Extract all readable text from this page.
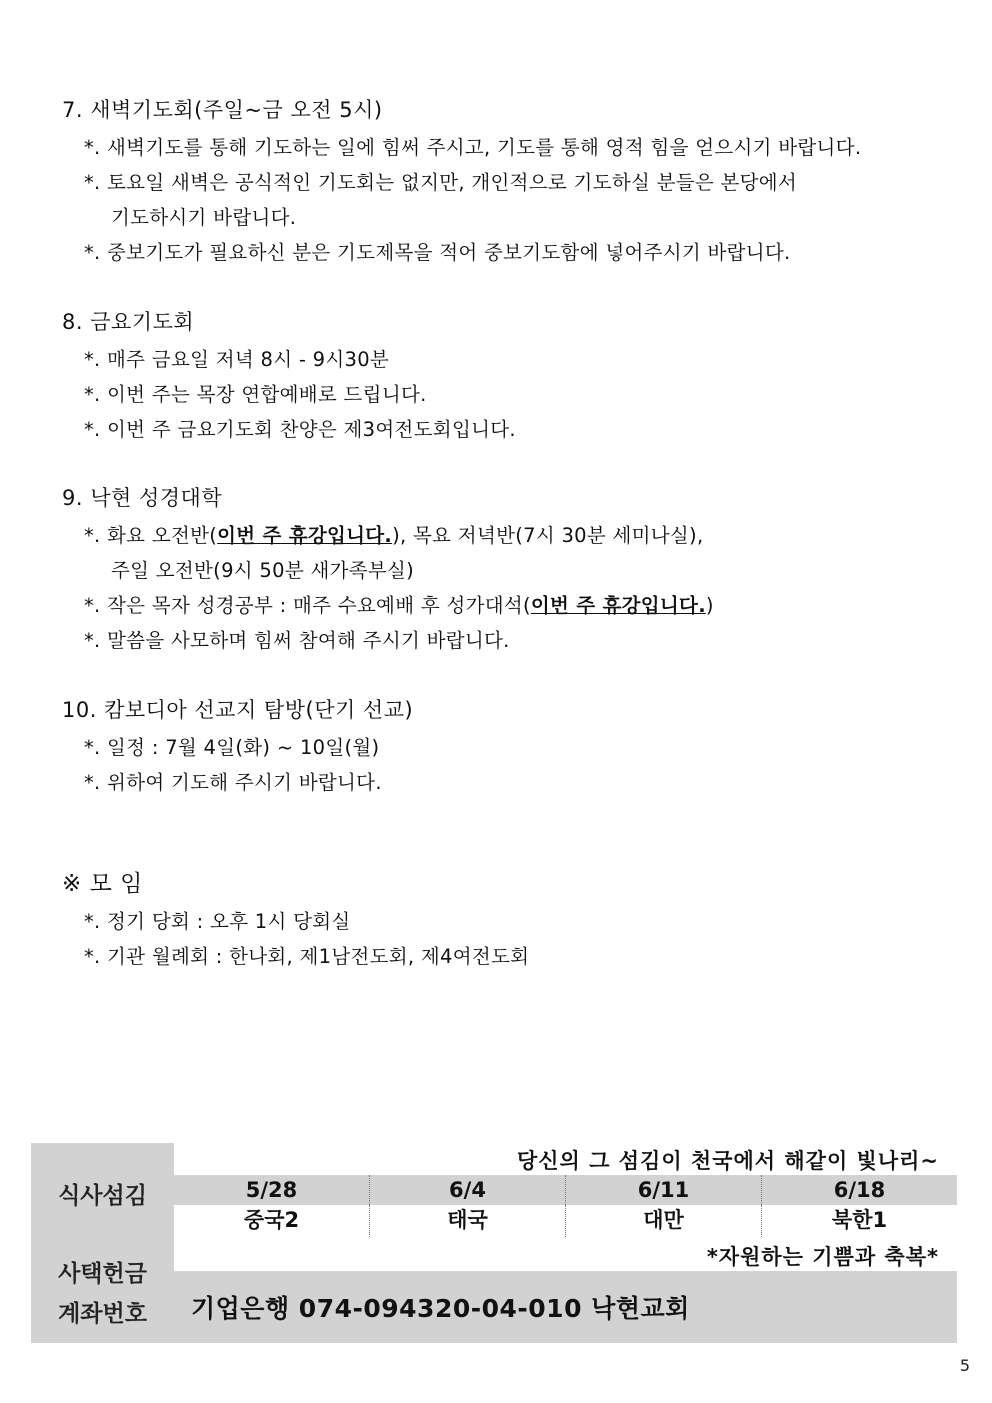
7. 새벽기도회(주일~금 오전 5시)
*. 새벽기도를 통해 기도하는 일에 힘써 주시고, 기도를 통해 영적 힘을 얻으시기 바랍니다.
*. 토요일 새벽은 공식적인 기도회는 없지만, 개인적으로 기도하실 분들은 본당에서
기도하시기 바랍니다.
*. 중보기도가 필요하신 분은 기도제목을 적어 중보기도함에 넣어주시기 바랍니다.
8. 금요기도회
*. 매주 금요일 저녁 8시 - 9시30분
*. 이번 주는 목장 연합예배로 드립니다.
*. 이번 주 금요기도회 찬양은 제3여전도회입니다.
9. 낙현 성경대학
*. 화요 오전반(이번 주 휴강입니다.), 목요 저녁반(7시 30분 세미나실),
주일 오전반(9시 50분 새가족부실)
*. 작은 목자 성경공부 : 매주 수요예배 후 성가대석(이번 주 휴강입니다.)
*. 말씀을 사모하며 힘써 참여해 주시기 바랍니다.
10. 캄보디아 선교지 탐방(단기 선교)
*. 일정 : 7월 4일(화) ~ 10일(월)
*. 위하여 기도해 주시기 바랍니다.
※ 모 임
*. 정기 당회 : 오후 1시 당회실
*. 기관 월례회 : 한나회, 제1남전도회, 제4여전도회
당신의 그 섬김이 천국에서 해같이 빛나리~
식사섬김	5/28	6/4	6/11	6/18
중국2	태국	대만	북한1
*자원하는 기쁨과 축복*
사택헌금
계좌번호	기업은행 074-094320-04-010 낙현교회
5
